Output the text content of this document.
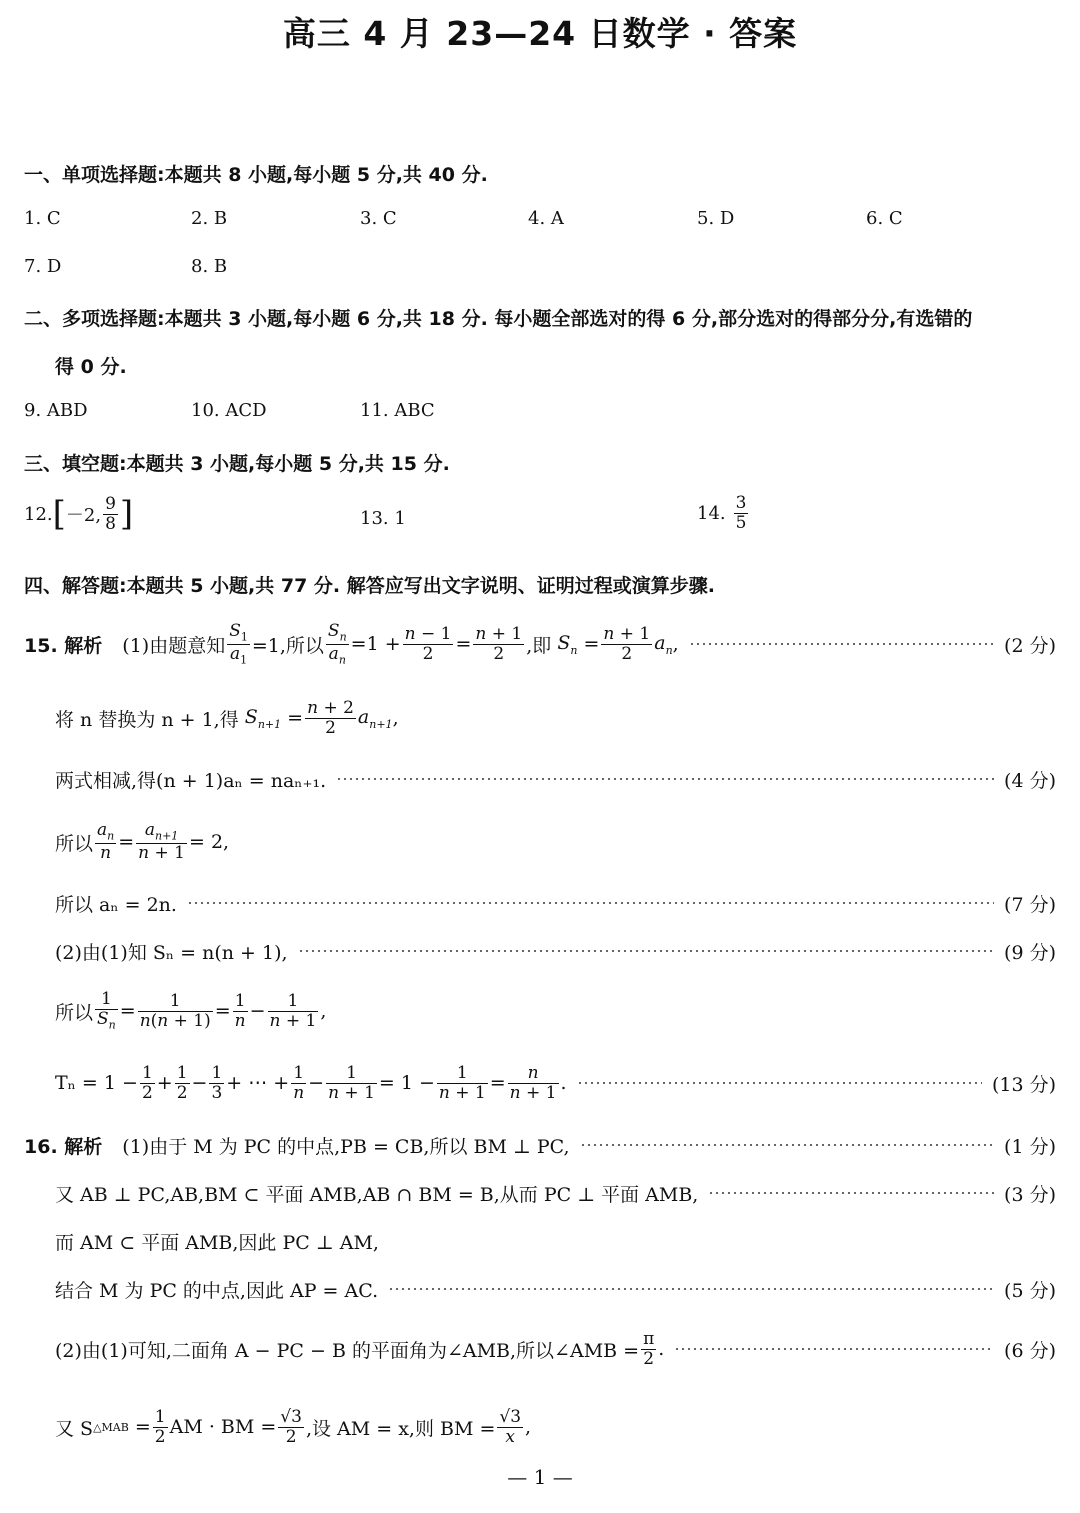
高三 4 月 23—24 日数学 · 答案
一、单项选择题:本题共 8 小题,每小题 5 分,共 40 分.
1. C	2. B	3. C	4. A	5. D	6. C
7. D	8. B
二、多项选择题:本题共 3 小题,每小题 6 分,共 18 分. 每小题全部选对的得 6 分,部分选对的得部分分,有选错的
得 0 分.
9. ABD	10. ACD	11. ABC
三、填空题:本题共 3 小题,每小题 5 分,共 15 分.
12. [ －2, $\frac{9}{8}$ ]	13. 1	14. $\frac{3}{5}$
四、解答题:本题共 5 小题,共 77 分. 解答应写出文字说明、证明过程或演算步骤.
15. 解析 (1)由题意知 $\frac{S_1}{a_1} =1$,所以 $\frac{S_n}{a_n} =1 + \frac{n - 1}{2} = \frac{n + 1}{2}$ ,即
$S_n = \frac{n + 1}{2} a_n$ ,	(2 分)
将 n 替换为 n + 1,得
$S_{n+1} = \frac{n + 2}{2} a_{n+1}$ ,
两式相减,得(n + 1)aₙ = naₙ₊₁.	(4 分)
所以 $\frac{a_n}{n} = \frac{a_{n+1}}{n + 1} = 2$,
所以 aₙ = 2n.	(7 分)
(2)由(1)知 Sₙ = n(n + 1),	(9 分)
所以 $\frac{1}{S_n} = \frac{1}{n(n + 1)} = \frac{1}{n} - \frac{1}{n + 1}$ ,
$T_n = 1 - \frac{1}{2} + \frac{1}{2} - \frac{1}{3}$ + ⋯ + $\frac{1}{n} - \frac{1}{n + 1} = 1 - \frac{1}{n + 1} = \frac{n}{n + 1}$ .	(13 分)
16. 解析 (1)由于 M 为 PC 的中点,PB = CB,所以 BM ⊥ PC,	(1 分)
又 AB ⊥ PC,AB,BM ⊂ 平面 AMB,AB ∩ BM = B,从而 PC ⊥ 平面 AMB,	(3 分)
而 AM ⊂ 平面 AMB,因此 PC ⊥ AM,
结合 M 为 PC 的中点,因此 AP = AC.	(5 分)
(2)由(1)可知,二面角 A − PC − B 的平面角为∠AMB,所以∠AMB = $\frac{\pi}{2}$ .	(6 分)
又 S △MAB
= $\frac{1}{2}$ AM · BM = $\frac{√3}{2}$ ,设 AM = x,则 BM = $\frac{√3}{x}$ ,
— 1 —
